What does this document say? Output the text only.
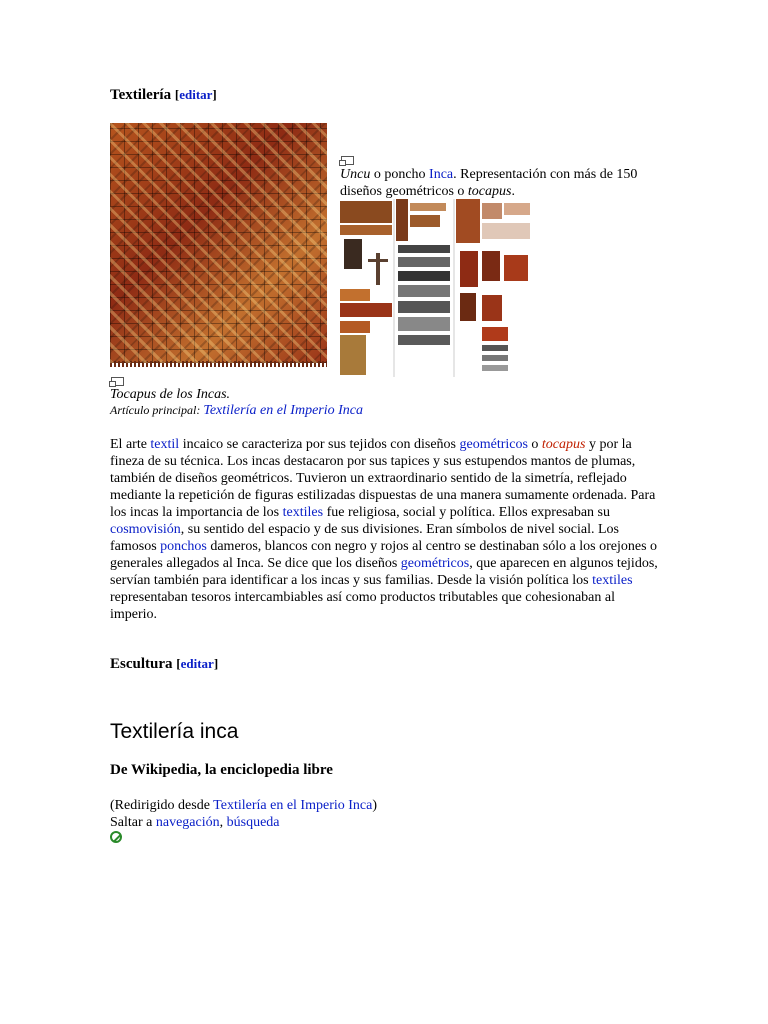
Textilería [editar]
Uncu o poncho Inca. Representación con más de 150 diseños geométricos o tocapus.
Tocapus de los Incas.
Artículo principal: Textilería en el Imperio Inca
El arte textil incaico se caracteriza por sus tejidos con diseños geométricos o tocapus y por la fineza de su técnica. Los incas destacaron por sus tapices y sus estupendos mantos de plumas, también de diseños geométricos. Tuvieron un extraordinario sentido de la simetría, reflejado mediante la repetición de figuras estilizadas dispuestas de una manera sumamente ordenada. Para los incas la importancia de los textiles fue religiosa, social y política. Ellos expresaban su cosmovisión, su sentido del espacio y de sus divisiones. Eran símbolos de nivel social. Los famosos ponchos dameros, blancos con negro y rojos al centro se destinaban sólo a los orejones o generales allegados al Inca. Se dice que los diseños geométricos, que aparecen en algunos tejidos, servían también para identificar a los incas y sus familias. Desde la visión política los textiles representaban tesoros intercambiables así como productos tributables que cohesionaban al imperio.
Escultura [editar]
Textilería inca
De Wikipedia, la enciclopedia libre
(Redirigido desde Textilería en el Imperio Inca)
Saltar a navegación, búsqueda
